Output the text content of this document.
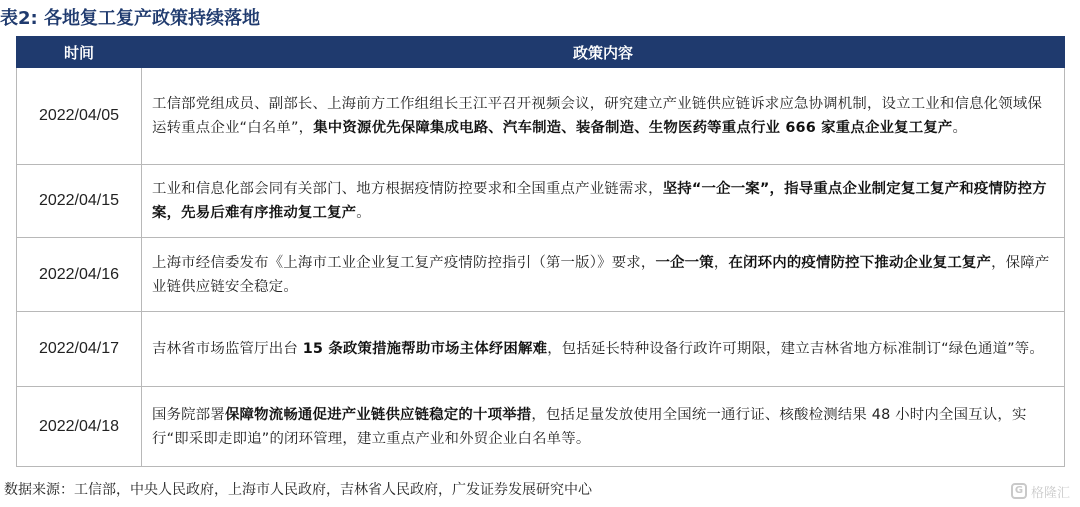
表2: 各地复工复产政策持续落地
时间	政策内容
2022/04/05	工信部党组成员、副部长、上海前方工作组组长王江平召开视频会议，研究建立产业链供应链诉求应急协调机制，设立工业和信息化领域保运转重点企业“白名单”，集中资源优先保障集成电路、汽车制造、装备制造、生物医药等重点行业 666 家重点企业复工复产。
2022/04/15	工业和信息化部会同有关部门、地方根据疫情防控要求和全国重点产业链需求，坚持“一企一案”，指导重点企业制定复工复产和疫情防控方案，先易后难有序推动复工复产。
2022/04/16	上海市经信委发布《上海市工业企业复工复产疫情防控指引（第一版）》要求，一企一策，在闭环内的疫情防控下推动企业复工复产，保障产业链供应链安全稳定。
2022/04/17	吉林省市场监管厅出台 15 条政策措施帮助市场主体纾困解难，包括延长特种设备行政许可期限，建立吉林省地方标准制订“绿色通道”等。
2022/04/18	国务院部署保障物流畅通促进产业链供应链稳定的十项举措，包括足量发放使用全国统一通行证、核酸检测结果 48 小时内全国互认，实行“即采即走即追”的闭环管理，建立重点产业和外贸企业白名单等。
数据来源：工信部，中央人民政府，上海市人民政府，吉林省人民政府，广发证券发展研究中心	G 格隆汇
